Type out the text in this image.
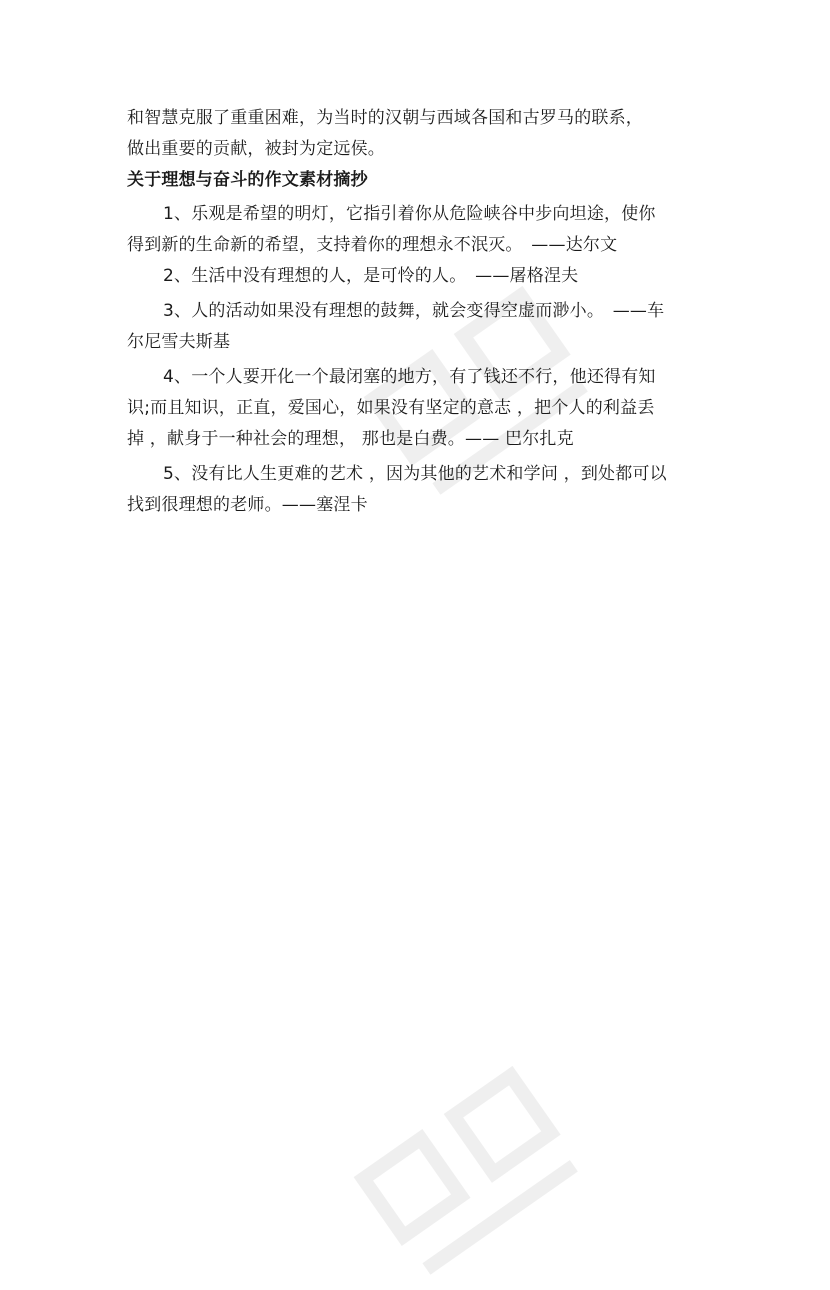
和智慧克服了重重困难，为当时的汉朝与西域各国和古罗马的联系，
做出重要的贡献，被封为定远侯。
关于理想与奋斗的作文素材摘抄
1、乐观是希望的明灯，它指引着你从危险峡谷中步向坦途，使你
得到新的生命新的希望，支持着你的理想永不泯灭。　——达尔文
2、生活中没有理想的人，是可怜的人。　——屠格涅夫
3、人的活动如果没有理想的鼓舞，就会变得空虚而渺小。　——车
尔尼雪夫斯基
4、一个人要开化一个最闭塞的地方，有了钱还不行，他还得有知
识;而且知识，正直，爱国心，如果没有坚定的意志 ，把个人的利益丢
掉 ，献身于一种社会的理想， 那也是白费。—— 巴尔扎克
5、没有比人生更难的艺术 ，因为其他的艺术和学问 ，到处都可以
找到很理想的老师。——塞涅卡
